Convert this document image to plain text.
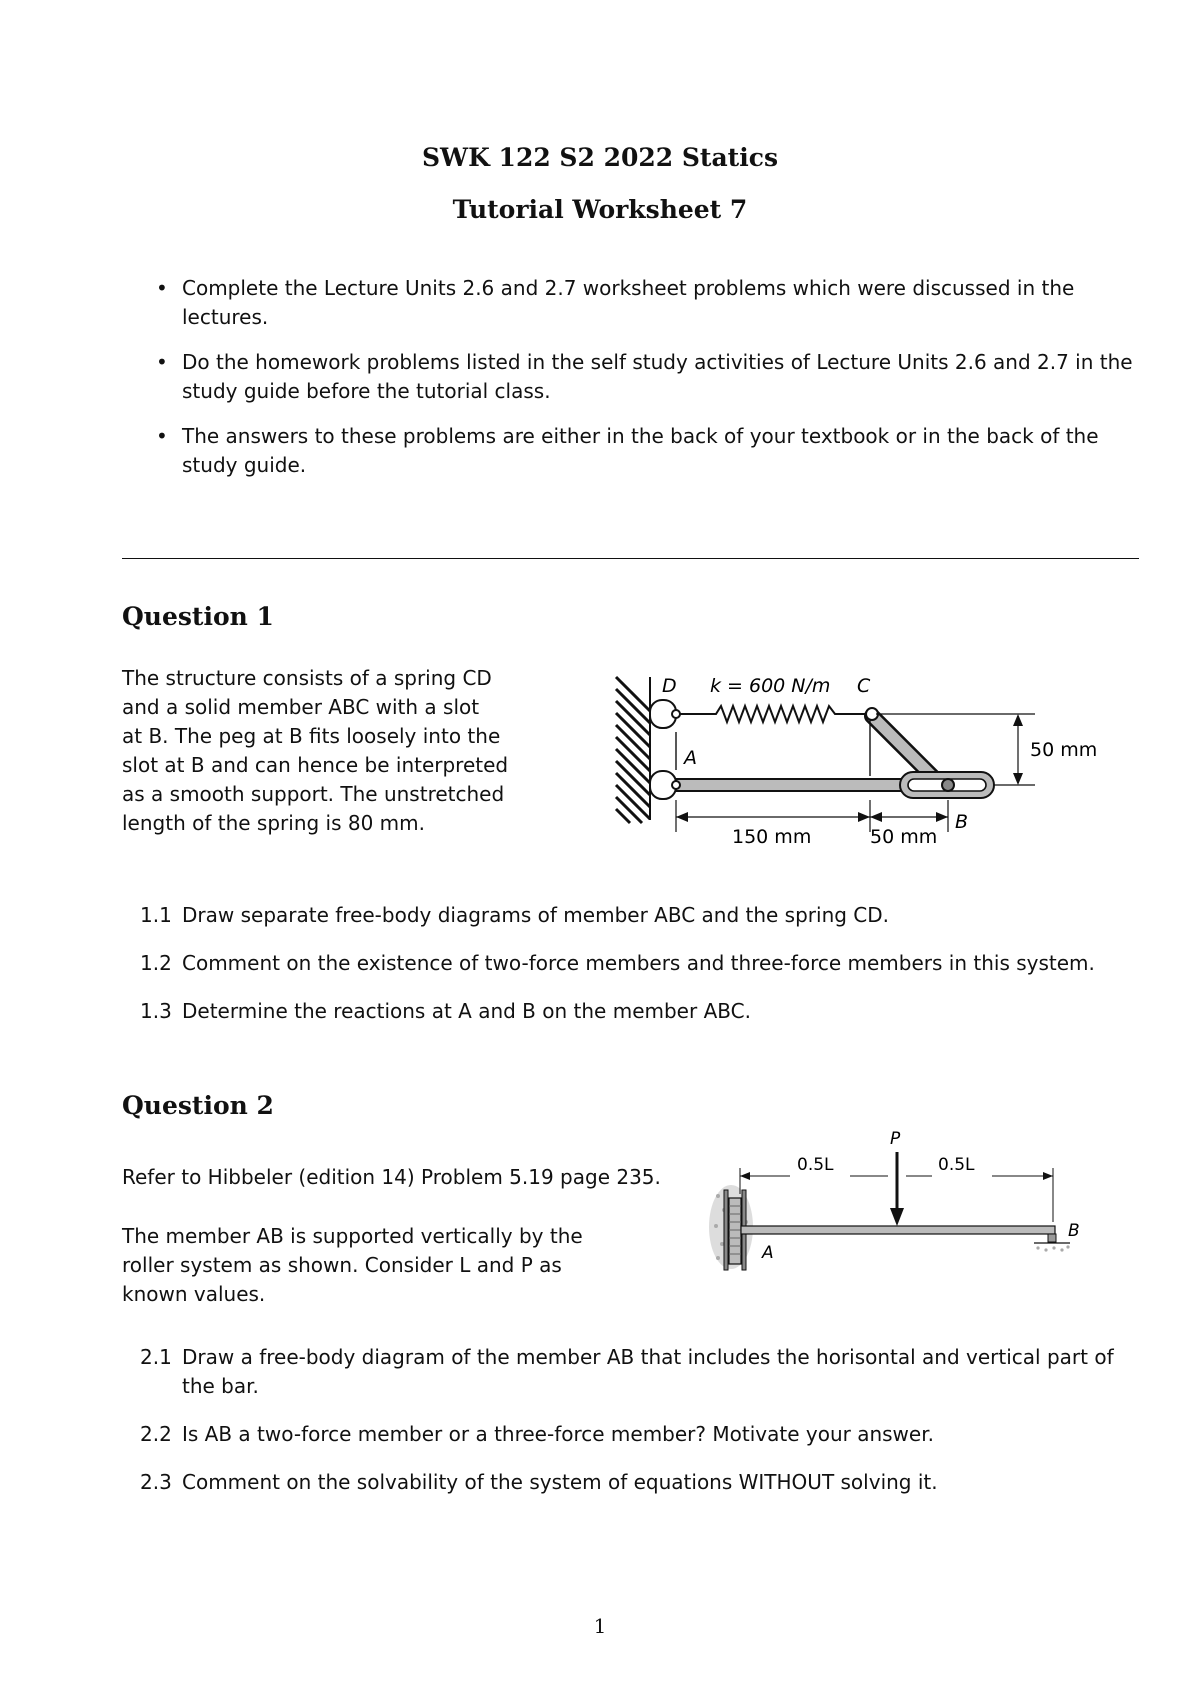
SWK 122 S2 2022 Statics
Tutorial Worksheet 7
• Complete the Lecture Units 2.6 and 2.7 worksheet problems which were discussed in the lectures.
• Do the homework problems listed in the self study activities of Lecture Units 2.6 and 2.7 in the study guide before the tutorial class.
• The answers to these problems are either in the back of your textbook or in the back of the study guide.
Question 1
The structure consists of a spring CD
and a solid member ABC with a slot
at B. The peg at B fits loosely into the
slot at B and can hence be interpreted
as a smooth support. The unstretched
length of the spring is 80 mm.
D k = 600 N/m C
A
B
50 mm
150 mm	50 mm
1.1 Draw separate free-body diagrams of member ABC and the spring CD.
1.2 Comment on the existence of two-force members and three-force members in this system.
1.3 Determine the reactions at A and B on the member ABC.
Question 2
Refer to Hibbeler (edition 14) Problem 5.19 page 235.
The member AB is supported vertically by the
roller system as shown. Consider L and P as
known values.
P
0.5L	0.5L
A
B
2.1 Draw a free-body diagram of the member AB that includes the horisontal and vertical part of the bar.
2.2 Is AB a two-force member or a three-force member? Motivate your answer.
2.3 Comment on the solvability of the system of equations WITHOUT solving it.
1
